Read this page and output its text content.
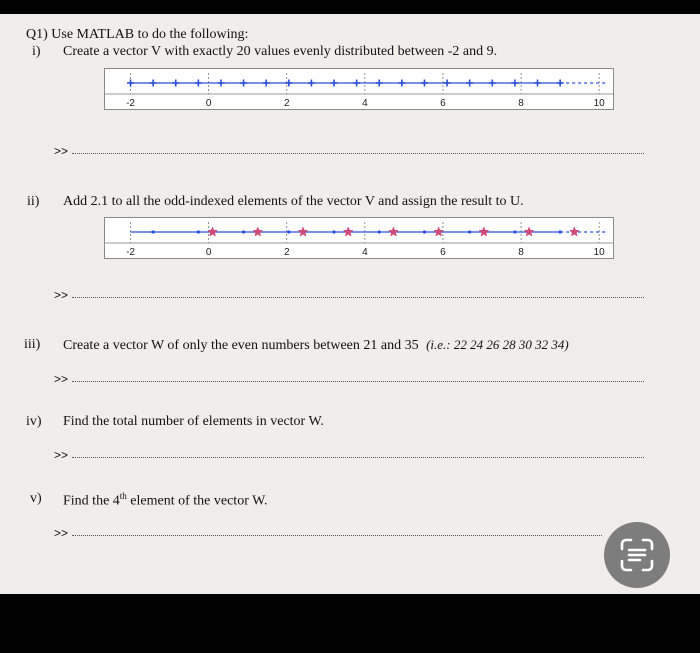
Q1) Use MATLAB to do the following:
i) Create a vector V with exactly 20 values evenly distributed between -2 and 9.
-2	0	2	4	6	8	10
>>
ii) Add 2.1 to all the odd-indexed elements of the vector V and assign the result to U.
-2	0	2	4	6	8	10
>>
iii) Create a vector W of only the even numbers between 21 and 35 (i.e.: 22 24 26 28 30 32 34)
>>
iv) Find the total number of elements in vector W.
>>
v) Find the 4th element of the vector W.
>>
